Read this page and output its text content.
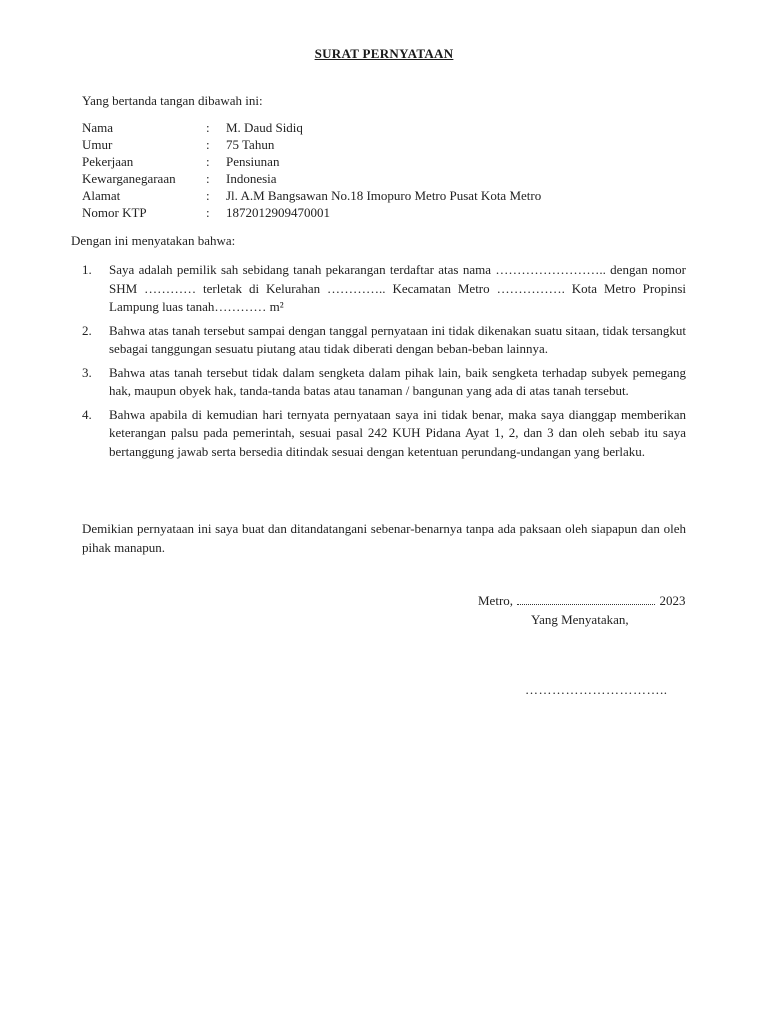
SURAT PERNYATAAN
Yang bertanda tangan dibawah ini:
Nama	: M. Daud Sidiq
Umur	: 75 Tahun
Pekerjaan	: Pensiunan
Kewarganegaraan : Indonesia
Alamat	: Jl. A.M Bangsawan No.18 Imopuro Metro Pusat Kota Metro
Nomor KTP	: 1872012909470001
Dengan ini menyatakan bahwa:
1. Saya adalah pemilik sah sebidang tanah pekarangan terdaftar atas nama …………………….. dengan nomor SHM ………… terletak di Kelurahan ………….. Kecamatan Metro ……………. Kota Metro Propinsi Lampung luas tanah………… m²
2. Bahwa atas tanah tersebut sampai dengan tanggal pernyataan ini tidak dikenakan suatu sitaan, tidak tersangkut sebagai tanggungan sesuatu piutang atau tidak diberati dengan beban-beban lainnya.
3. Bahwa atas tanah tersebut tidak dalam sengketa dalam pihak lain, baik sengketa terhadap subyek pemegang hak, maupun obyek hak, tanda-tanda batas atau tanaman / bangunan yang ada di atas tanah tersebut.
4. Bahwa apabila di kemudian hari ternyata pernyataan saya ini tidak benar, maka saya dianggap memberikan keterangan palsu pada pemerintah, sesuai pasal 242 KUH Pidana Ayat 1, 2, dan 3 dan oleh sebab itu saya bertanggung jawab serta bersedia ditindak sesuai dengan ketentuan perundang-undangan yang berlaku.
Demikian pernyataan ini saya buat dan ditandatangani sebenar-benarnya tanpa ada paksaan oleh siapapun dan oleh pihak manapun.
Metro,	2023
Yang Menyatakan,
…………………………..
